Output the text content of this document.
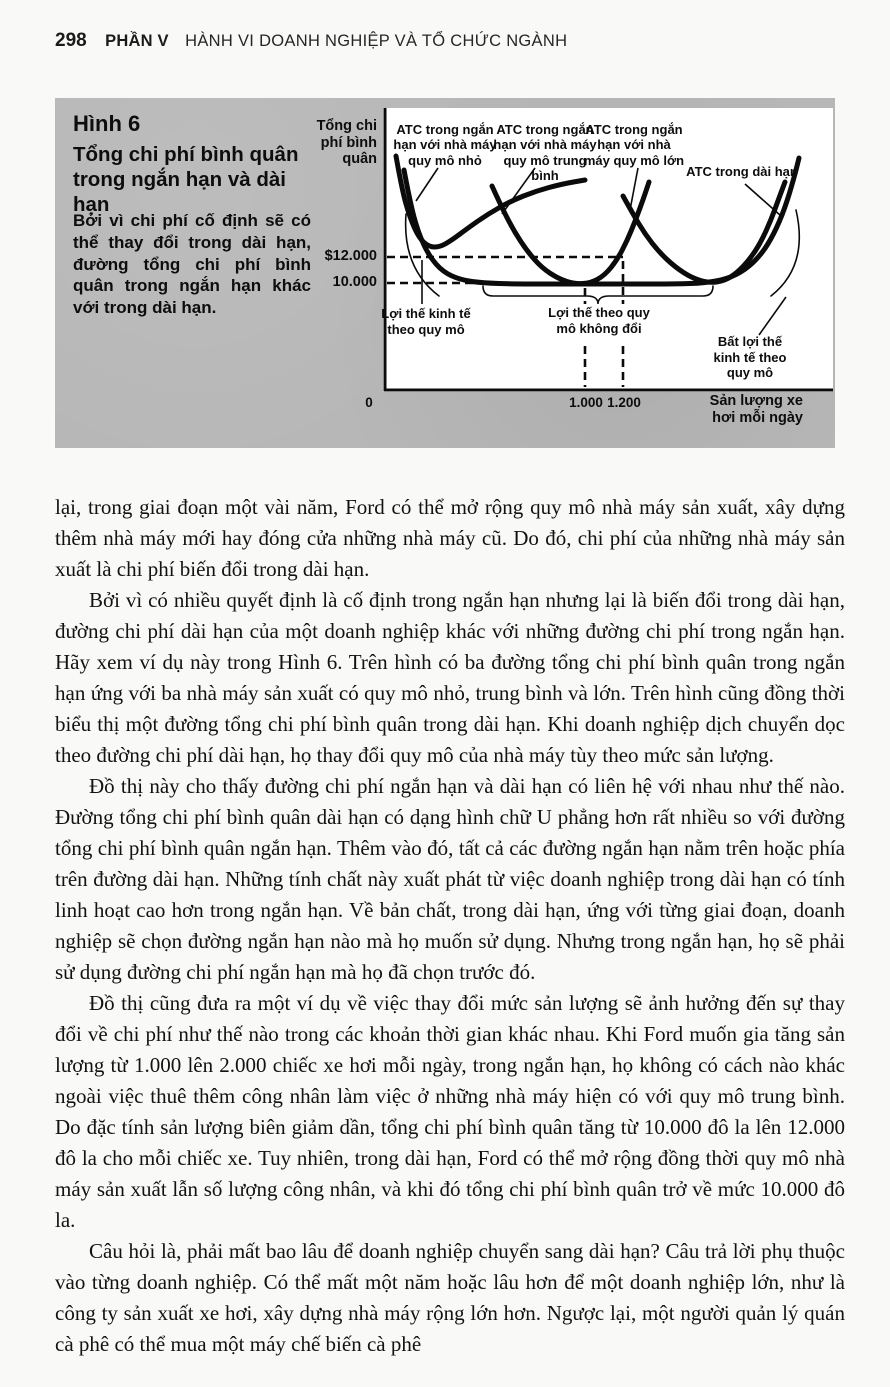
298 PHẦN V HÀNH VI DOANH NGHIỆP VÀ TỔ CHỨC NGÀNH
Hình 6
Tổng chi phí bình quân trong ngắn hạn và dài hạn
Bởi vì chi phí cố định sẽ có thể thay đổi trong dài hạn, đường tổng chi phí bình quân trong ngắn hạn khác với trong dài hạn.
Tổng chi phí bình quân
$12.000
10.000
ATC trong ngắn hạn với nhà máy quy mô nhỏ
ATC trong ngắn hạn với nhà máy quy mô trung bình
ATC trong ngắn hạn với nhà máy quy mô lớn
ATC trong dài hạn
Lợi thế kinh tế theo quy mô
Lợi thế theo quy mô không đổi
Bất lợi thế kinh tế theo quy mô
0	1.000 1.200	Sản lượng xe hơi mỗi ngày

lại, trong giai đoạn một vài năm, Ford có thể mở rộng quy mô nhà máy sản xuất, xây dựng thêm nhà máy mới hay đóng cửa những nhà máy cũ. Do đó, chi phí của những nhà máy sản xuất là chi phí biến đổi trong dài hạn.

Bởi vì có nhiều quyết định là cố định trong ngắn hạn nhưng lại là biến đổi trong dài hạn, đường chi phí dài hạn của một doanh nghiệp khác với những đường chi phí trong ngắn hạn. Hãy xem ví dụ này trong Hình 6. Trên hình có ba đường tổng chi phí bình quân trong ngắn hạn ứng với ba nhà máy sản xuất có quy mô nhỏ, trung bình và lớn. Trên hình cũng đồng thời biểu thị một đường tổng chi phí bình quân trong dài hạn. Khi doanh nghiệp dịch chuyển dọc theo đường chi phí dài hạn, họ thay đổi quy mô của nhà máy tùy theo mức sản lượng.

Đồ thị này cho thấy đường chi phí ngắn hạn và dài hạn có liên hệ với nhau như thế nào. Đường tổng chi phí bình quân dài hạn có dạng hình chữ U phẳng hơn rất nhiều so với đường tổng chi phí bình quân ngắn hạn. Thêm vào đó, tất cả các đường ngắn hạn nằm trên hoặc phía trên đường dài hạn. Những tính chất này xuất phát từ việc doanh nghiệp trong dài hạn có tính linh hoạt cao hơn trong ngắn hạn. Về bản chất, trong dài hạn, ứng với từng giai đoạn, doanh nghiệp sẽ chọn đường ngắn hạn nào mà họ muốn sử dụng. Nhưng trong ngắn hạn, họ sẽ phải sử dụng đường chi phí ngắn hạn mà họ đã chọn trước đó.

Đồ thị cũng đưa ra một ví dụ về việc thay đổi mức sản lượng sẽ ảnh hưởng đến sự thay đổi về chi phí như thế nào trong các khoản thời gian khác nhau. Khi Ford muốn gia tăng sản lượng từ 1.000 lên 2.000 chiếc xe hơi mỗi ngày, trong ngắn hạn, họ không có cách nào khác ngoài việc thuê thêm công nhân làm việc ở những nhà máy hiện có với quy mô trung bình. Do đặc tính sản lượng biên giảm dần, tổng chi phí bình quân tăng từ 10.000 đô la lên 12.000 đô la cho mỗi chiếc xe. Tuy nhiên, trong dài hạn, Ford có thể mở rộng đồng thời quy mô nhà máy sản xuất lẫn số lượng công nhân, và khi đó tổng chi phí bình quân trở về mức 10.000 đô la.

Câu hỏi là, phải mất bao lâu để doanh nghiệp chuyển sang dài hạn? Câu trả lời phụ thuộc vào từng doanh nghiệp. Có thể mất một năm hoặc lâu hơn để một doanh nghiệp lớn, như là công ty sản xuất xe hơi, xây dựng nhà máy rộng lớn hơn. Ngược lại, một người quản lý quán cà phê có thể mua một máy chế biến cà phê
